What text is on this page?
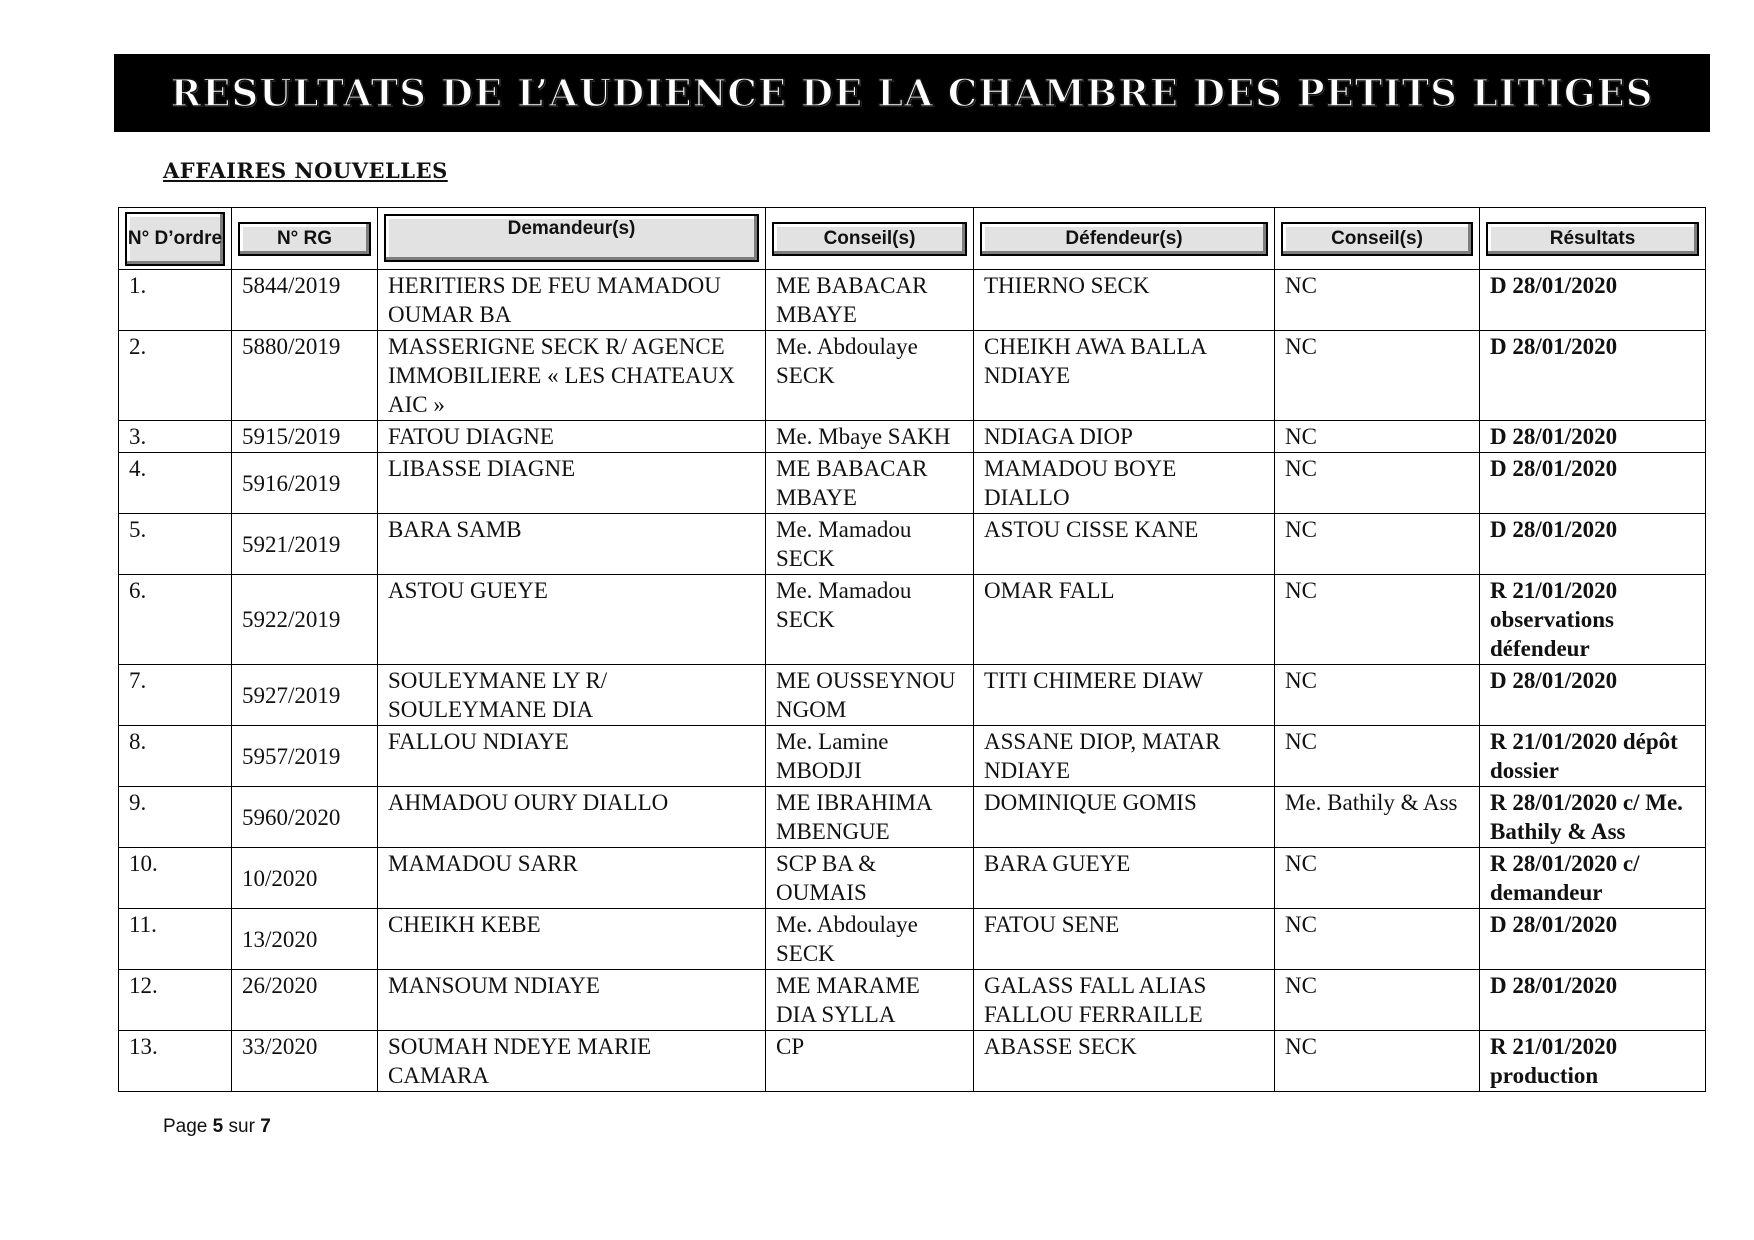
RESULTATS DE L’AUDIENCE DE LA CHAMBRE DES PETITS LITIGES
AFFAIRES NOUVELLES
N° D’ordre	N° RG	Demandeur(s)	Conseil(s)	Défendeur(s)	Conseil(s)	Résultats

1.	5844/2019	HERITIERS DE FEU MAMADOU OUMAR BA	ME BABACAR MBAYE	THIERNO SECK	NC	D 28/01/2020
2.	5880/2019	MASSERIGNE SECK R/ AGENCE IMMOBILIERE « LES CHATEAUX AIC »	Me. Abdoulaye SECK	CHEIKH AWA BALLA NDIAYE	NC	D 28/01/2020
3.	5915/2019	FATOU DIAGNE	Me. Mbaye SAKH	NDIAGA DIOP	NC	D 28/01/2020
4.	5916/2019	LIBASSE DIAGNE	ME BABACAR MBAYE	MAMADOU BOYE DIALLO	NC	D 28/01/2020
5.	5921/2019	BARA SAMB	Me. Mamadou SECK	ASTOU CISSE KANE	NC	D 28/01/2020
6.	5922/2019	ASTOU GUEYE	Me. Mamadou SECK	OMAR FALL	NC	R 21/01/2020 observations défendeur
7.	5927/2019	SOULEYMANE LY R/ SOULEYMANE DIA	ME OUSSEYNOU NGOM	TITI CHIMERE DIAW	NC	D 28/01/2020
8.	5957/2019	FALLOU NDIAYE	Me. Lamine MBODJI	ASSANE DIOP, MATAR NDIAYE	NC	R 21/01/2020 dépôt dossier
9.	5960/2020	AHMADOU OURY DIALLO	ME IBRAHIMA MBENGUE	DOMINIQUE GOMIS	Me. Bathily & Ass	R 28/01/2020 c/ Me. Bathily & Ass
10.	10/2020	MAMADOU SARR	SCP BA & OUMAIS	BARA GUEYE	NC	R 28/01/2020 c/ demandeur
11.	13/2020	CHEIKH KEBE	Me. Abdoulaye SECK	FATOU SENE	NC	D 28/01/2020
12.	26/2020	MANSOUM NDIAYE	ME MARAME DIA SYLLA	GALASS FALL ALIAS FALLOU FERRAILLE	NC	D 28/01/2020
13.	33/2020	SOUMAH NDEYE MARIE CAMARA	CP	ABASSE SECK	NC	R 21/01/2020 production
Page 5 sur 7
